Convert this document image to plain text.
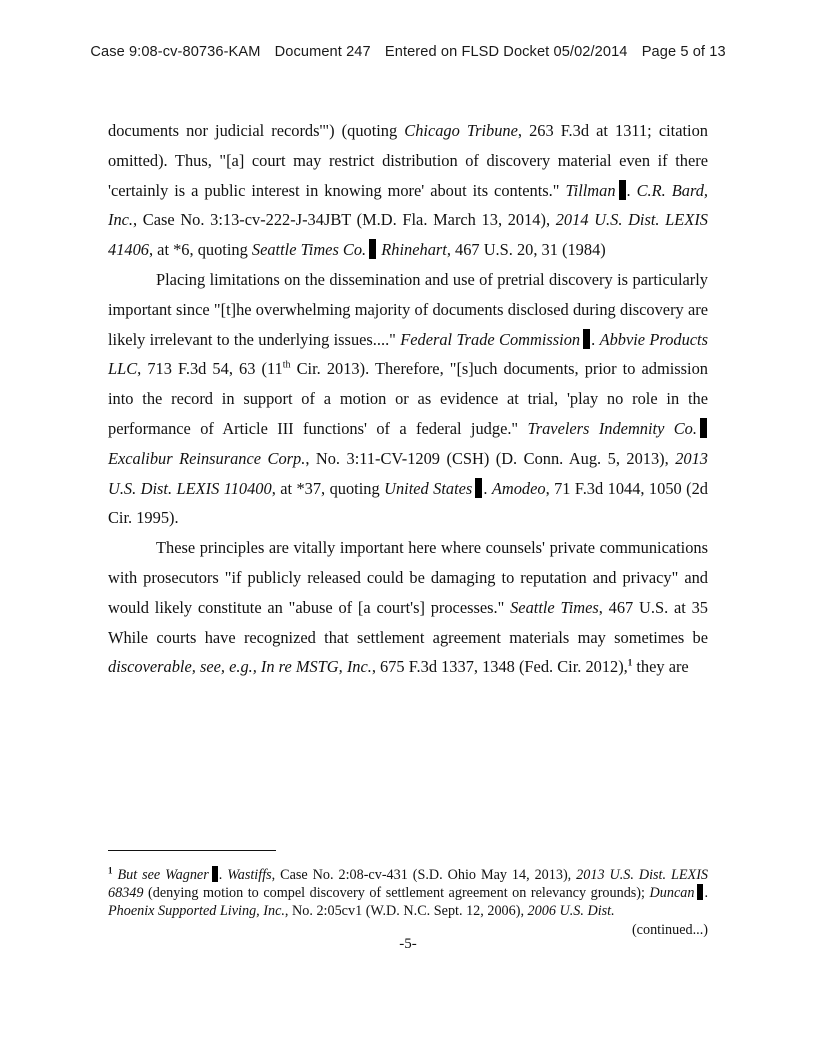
Case 9:08-cv-80736-KAM Document 247 Entered on FLSD Docket 05/02/2014 Page 5 of 13

documents nor judicial records'") (quoting Chicago Tribune, 263 F.3d at 1311; citation omitted). Thus, "[a] court may restrict distribution of discovery material even if there 'certainly is a public interest in knowing more' about its contents." Tillman . C.R. Bard, Inc., Case No. 3:13-cv-222-J-34JBT (M.D. Fla. March 13, 2014), 2014 U.S. Dist. LEXIS 41406, at *6, quoting Seattle Times Co. Rhinehart, 467 U.S. 20, 31 (1984)

Placing limitations on the dissemination and use of pretrial discovery is particularly important since "[t]he overwhelming majority of documents disclosed during discovery are likely irrelevant to the underlying issues...." Federal Trade Commission . Abbvie Products LLC, 713 F.3d 54, 63 (11th Cir. 2013). Therefore, "[s]uch documents, prior to admission into the record in support of a motion or as evidence at trial, 'play no role in the performance of Article III functions' of a federal judge." Travelers Indemnity Co. Excalibur Reinsurance Corp., No. 3:11-CV-1209 (CSH) (D. Conn. Aug. 5, 2013), 2013 U.S. Dist. LEXIS 110400, at *37, quoting United States . Amodeo, 71 F.3d 1044, 1050 (2d Cir. 1995).

These principles are vitally important here where counsels' private communications with prosecutors "if publicly released could be damaging to reputation and privacy" and would likely constitute an "abuse of [a court's] processes." Seattle Times, 467 U.S. at 35 While courts have recognized that settlement agreement materials may sometimes be discoverable, see, e.g., In re MSTG, Inc., 675 F.3d 1337, 1348 (Fed. Cir. 2012),$^1$ they are

$^1$ But see Wagner . Wastiffs, Case No. 2:08-cv-431 (S.D. Ohio May 14, 2013), 2013 U.S. Dist. LEXIS 68349 (denying motion to compel discovery of settlement agreement on relevancy grounds); Duncan . Phoenix Supported Living, Inc., No. 2:05cv1 (W.D. N.C. Sept. 12, 2006), 2006 U.S. Dist.

(continued...)

-5-
